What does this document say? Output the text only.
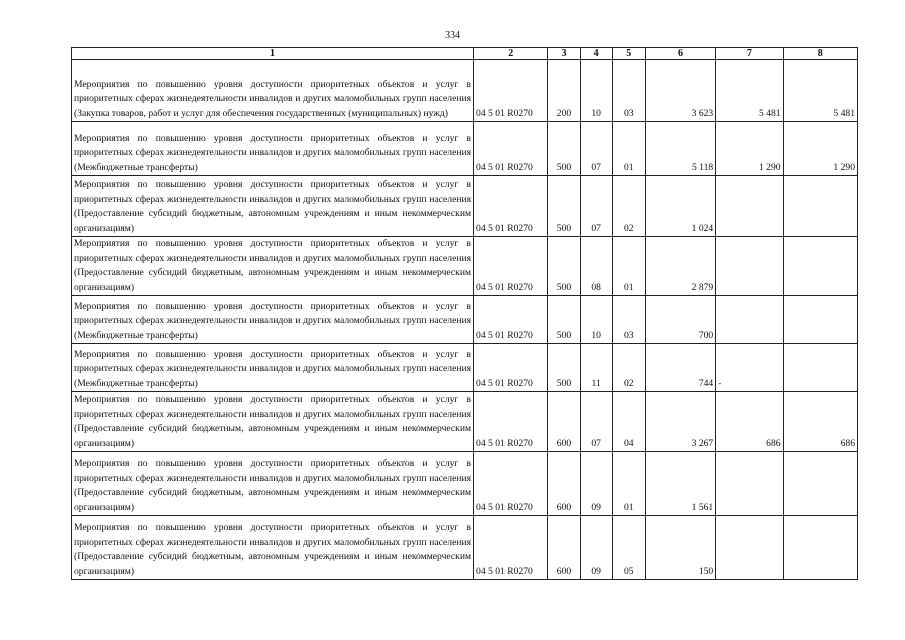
334
1	2	3	4	5	6	7	8
Мероприятия по повышению уровня доступности приоритетных объектов и услуг в приоритетных сферах жизнедеятельности инвалидов и других маломобильных групп населения (Закупка товаров, работ и услуг для обеспечения государственных (муниципальных) нужд)	04 5 01 R0270	200	10	03	3 623	5 481	5 481
Мероприятия по повышению уровня доступности приоритетных объектов и услуг в приоритетных сферах жизнедеятельности инвалидов и других маломобильных групп населения (Межбюджетные трансферты)	04 5 01 R0270	500	07	01	5 118	1 290	1 290
Мероприятия по повышению уровня доступности приоритетных объектов и услуг в приоритетных сферах жизнедеятельности инвалидов и других маломобильных групп населения (Предоставление субсидий бюджетным, автономным учреждениям и иным некоммерческим организациям)	04 5 01 R0270	500	07	02	1 024		
Мероприятия по повышению уровня доступности приоритетных объектов и услуг в приоритетных сферах жизнедеятельности инвалидов и других маломобильных групп населения (Предоставление субсидий бюджетным, автономным учреждениям и иным некоммерческим организациям)	04 5 01 R0270	500	08	01	2 879		
Мероприятия по повышению уровня доступности приоритетных объектов и услуг в приоритетных сферах жизнедеятельности инвалидов и других маломобильных групп населения (Межбюджетные трансферты)	04 5 01 R0270	500	10	03	700		
Мероприятия по повышению уровня доступности приоритетных объектов и услуг в приоритетных сферах жизнедеятельности инвалидов и других маломобильных групп населения (Межбюджетные трансферты)	04 5 01 R0270	500	11	02	744	-	
Мероприятия по повышению уровня доступности приоритетных объектов и услуг в приоритетных сферах жизнедеятельности инвалидов и других маломобильных групп населения (Предоставление субсидий бюджетным, автономным учреждениям и иным некоммерческим организациям)	04 5 01 R0270	600	07	04	3 267	686	686
Мероприятия по повышению уровня доступности приоритетных объектов и услуг в приоритетных сферах жизнедеятельности инвалидов и других маломобильных групп населения (Предоставление субсидий бюджетным, автономным учреждениям и иным некоммерческим организациям)	04 5 01 R0270	600	09	01	1 561		
Мероприятия по повышению уровня доступности приоритетных объектов и услуг в приоритетных сферах жизнедеятельности инвалидов и других маломобильных групп населения (Предоставление субсидий бюджетным, автономным учреждениям и иным некоммерческим организациям)	04 5 01 R0270	600	09	05	150		
